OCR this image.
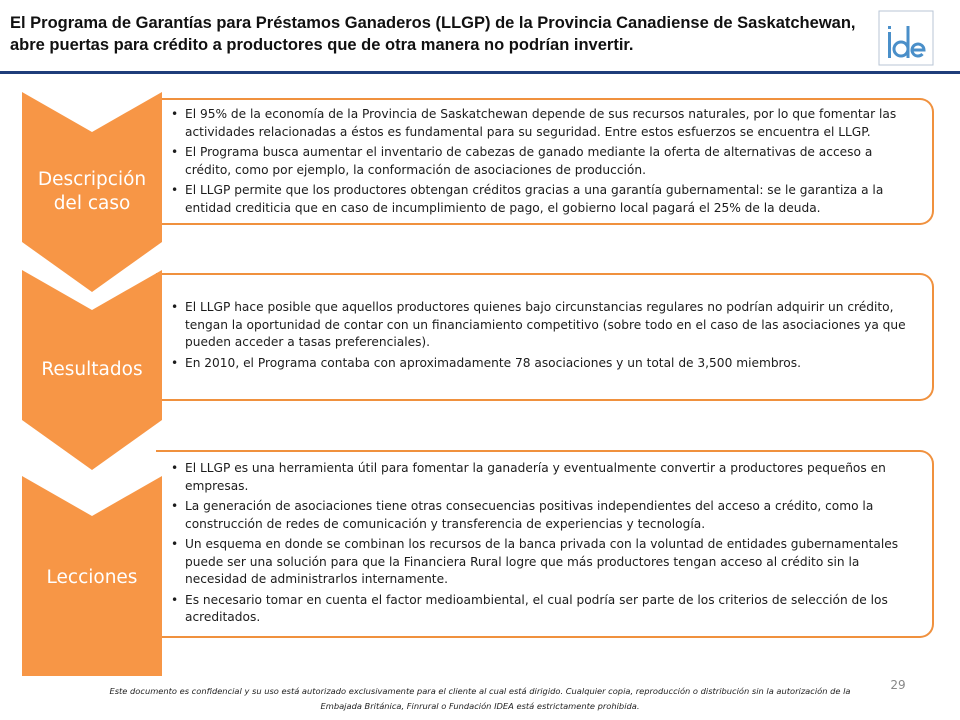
El Programa de Garantías para Préstamos Ganaderos (LLGP) de la Provincia Canadiense de Saskatchewan, abre puertas para crédito a productores que de otra manera no podrían invertir.
• El 95% de la economía de la Provincia de Saskatchewan depende de sus recursos naturales, por lo que fomentar las actividades relacionadas a éstos es fundamental para su seguridad. Entre estos esfuerzos se encuentra el LLGP.
• El Programa busca aumentar el inventario de cabezas de ganado mediante la oferta de alternativas de acceso a crédito, como por ejemplo, la conformación de asociaciones de producción.
• El LLGP permite que los productores obtengan créditos gracias a una garantía gubernamental: se le garantiza a la entidad crediticia que en caso de incumplimiento de pago, el gobierno local pagará el 25% de la deuda.
Descripción del caso
• El LLGP hace posible que aquellos productores quienes bajo circunstancias regulares no podrían adquirir un crédito, tengan la oportunidad de contar con un financiamiento competitivo (sobre todo en el caso de las asociaciones ya que pueden acceder a tasas preferenciales).
• En 2010, el Programa contaba con aproximadamente 78 asociaciones y un total de 3,500 miembros.
Resultados
• El LLGP es una herramienta útil para fomentar la ganadería y eventualmente convertir a productores pequeños en empresas.
• La generación de asociaciones tiene otras consecuencias positivas independientes del acceso a crédito, como la construcción de redes de comunicación y transferencia de experiencias y tecnología.
• Un esquema en donde se combinan los recursos de la banca privada con la voluntad de entidades gubernamentales puede ser una solución para que la Financiera Rural logre que más productores tengan acceso al crédito sin la necesidad de administrarlos internamente.
• Es necesario tomar en cuenta el factor medioambiental, el cual podría ser parte de los criterios de selección de los acreditados.
Lecciones
29
Este documento es confidencial y su uso está autorizado exclusivamente para el cliente al cual está dirigido. Cualquier copia, reproducción o distribución sin la autorización de la Embajada Británica, Finrural o Fundación IDEA está estrictamente prohibida.
